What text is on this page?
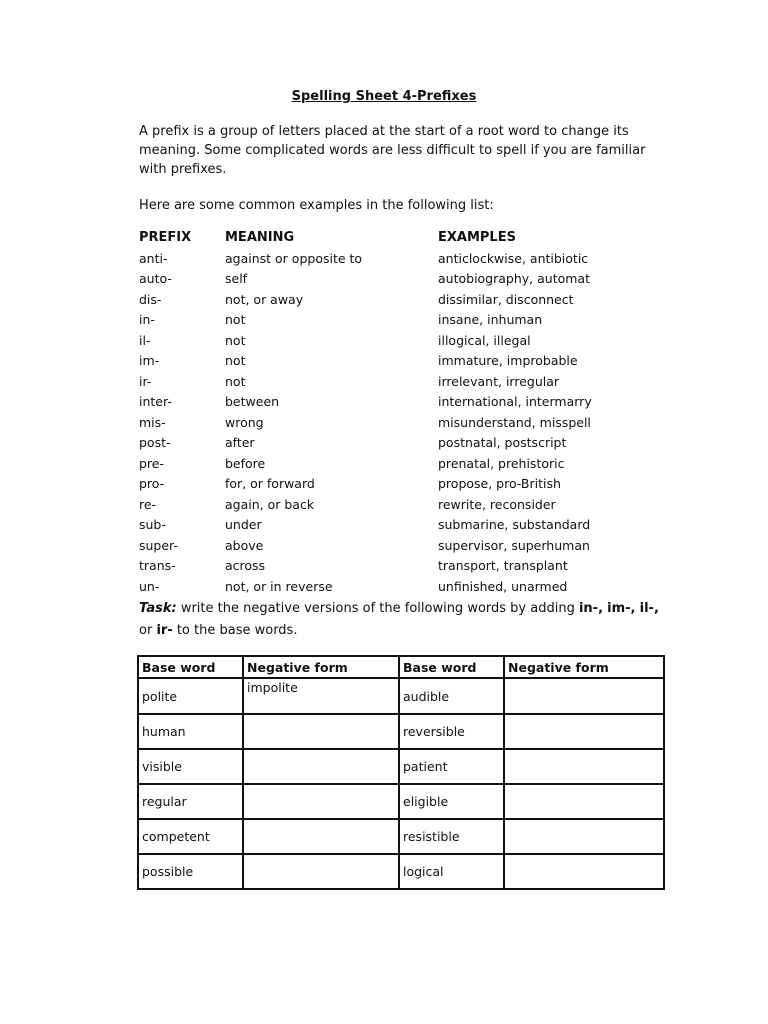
Spelling Sheet 4-Prefixes
A prefix is a group of letters placed at the start of a root word to change its meaning. Some complicated words are less difficult to spell if you are familiar with prefixes.
Here are some common examples in the following list:
PREFIX	MEANING	EXAMPLES
anti-	against or opposite to	anticlockwise, antibiotic
auto-	self	autobiography, automat
dis-	not, or away	dissimilar, disconnect
in-	not	insane, inhuman
il-	not	illogical, illegal
im-	not	immature, improbable
ir-	not	irrelevant, irregular
inter-	between	international, intermarry
mis-	wrong	misunderstand, misspell
post-	after	postnatal, postscript
pre-	before	prenatal, prehistoric
pro-	for, or forward	propose, pro-British
re-	again, or back	rewrite, reconsider
sub-	under	submarine, substandard
super-	above	supervisor, superhuman
trans-	across	transport, transplant
un-	not, or in reverse	unfinished, unarmed
Task: write the negative versions of the following words by adding in-, im-, il-, or ir- to the base words.
Base word	Negative form	Base word	Negative form
polite	impolite	audible	
human		reversible	
visible		patient	
regular		eligible	
competent		resistible	
possible		logical	
